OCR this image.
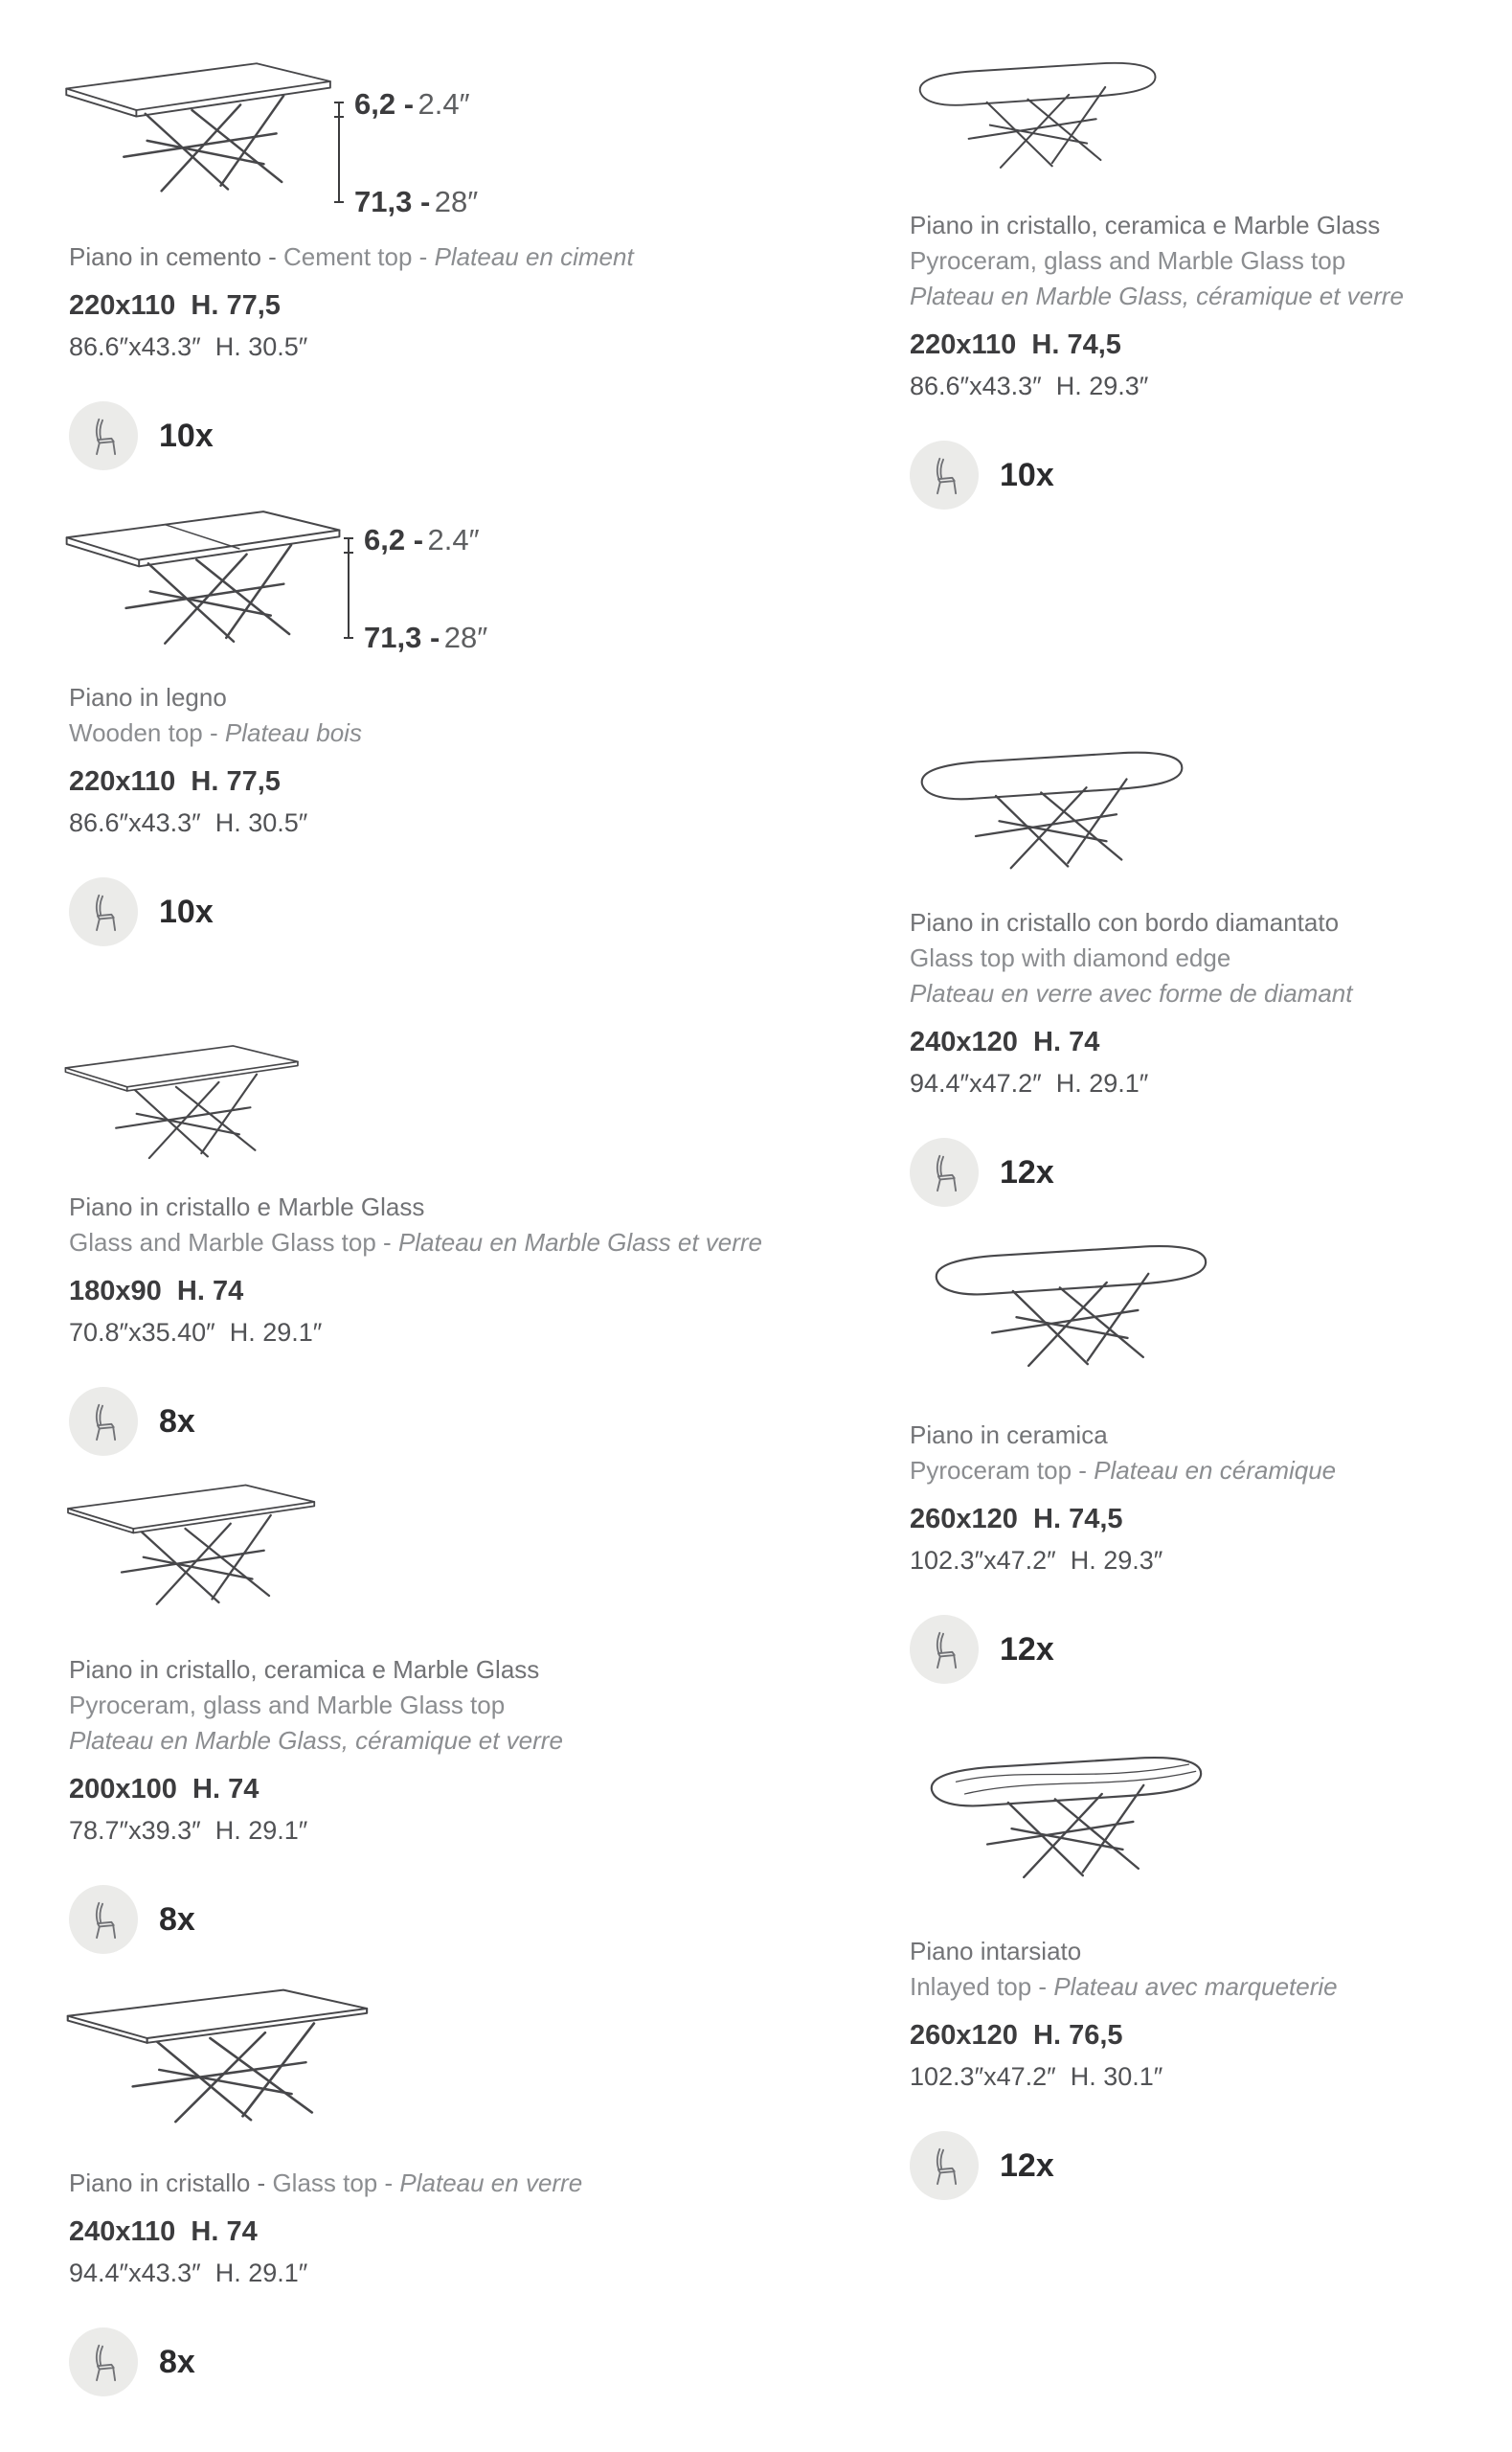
6,2 - 2.4″
71,3 - 28″

Piano in cemento - Cement top - Plateau en ciment

220x110  H. 77,5
86.6″x43.3″  H. 30.5″
10x
6,2 - 2.4″
71,3 - 28″

Piano in legno
Wooden top - Plateau bois

220x110  H. 77,5
86.6″x43.3″  H. 30.5″
10x

Piano in cristallo e Marble Glass
Glass and Marble Glass top - Plateau en Marble Glass et verre

180x90  H. 74
70.8″x35.40″  H. 29.1″
8x

Piano in cristallo, ceramica e Marble Glass
Pyroceram, glass and Marble Glass top
Plateau en Marble Glass, céramique et verre

200x100  H. 74
78.7″x39.3″  H. 29.1″
8x

Piano in cristallo - Glass top - Plateau en verre

240x110  H. 74
94.4″x43.3″  H. 29.1″
8x

Piano in cristallo, ceramica e Marble Glass
Pyroceram, glass and Marble Glass top
Plateau en Marble Glass, céramique et verre

220x110  H. 74,5
86.6″x43.3″  H. 29.3″
10x

Piano in cristallo con bordo diamantato
Glass top with diamond edge
Plateau en verre avec forme de diamant

240x120  H. 74
94.4″x47.2″  H. 29.1″
12x

Piano in ceramica
Pyroceram top - Plateau en céramique

260x120  H. 74,5
102.3″x47.2″  H. 29.3″
12x

Piano intarsiato
Inlayed top - Plateau avec marqueterie

260x120  H. 76,5
102.3″x47.2″  H. 30.1″
12x
